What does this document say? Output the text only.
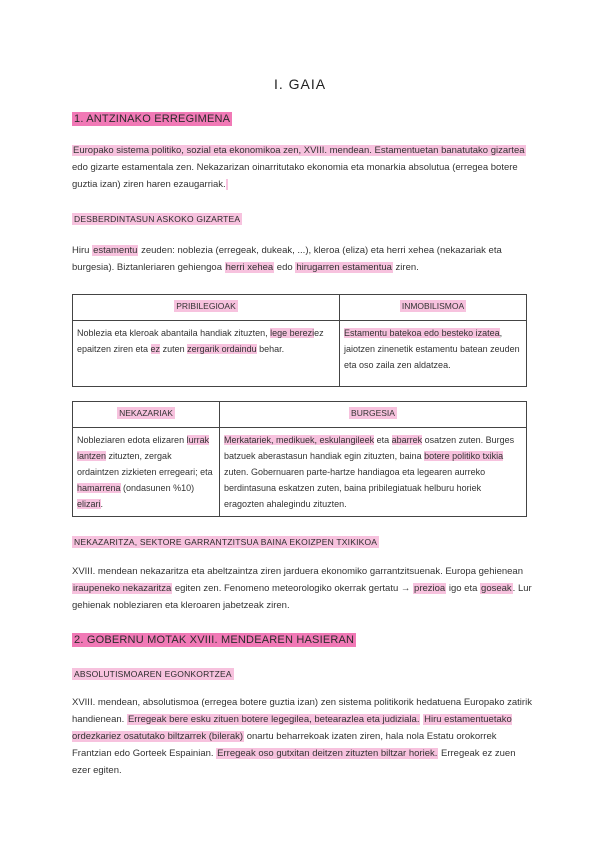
I. GAIA
1. ANTZINAKO ERREGIMENA
Europako sistema politiko, sozial eta ekonomikoa zen, XVIII. mendean. Estamentuetan banatutako gizartea edo gizarte estamentala zen. Nekazarizan oinarritutako ekonomia eta monarkia absolutua (erregea botere guztia izan) ziren haren ezaugarriak.
DESBERDINTASUN ASKOKO GIZARTEA
Hiru estamentu zeuden: noblezia (erregeak, dukeak, ...), kleroa (eliza) eta herri xehea (nekazariak eta burgesia). Biztanleriaren gehiengoa herri xehea edo hirugarren estamentua ziren.
PRIBILEGIOAK	INMOBILISMOA
Noblezia eta kleroak abantaila handiak zituzten, lege bereziez epaitzen ziren eta ez zuten zergarik ordaindu behar.	Estamentu batekoa edo besteko izatea, jaiotzen zinenetik estamentu batean zeuden eta oso zaila zen aldatzea.
NEKAZARIAK	BURGESIA
Nobleziaren edota elizaren lurrak lantzen zituzten, zergak ordaintzen zizkieten erregeari; eta hamarrena (ondasunen %10) elizari.	Merkatariek, medikuek, eskulangileek eta abarrek osatzen zuten. Burges batzuek aberastasun handiak egin zituzten, baina botere politiko txikia zuten. Gobernuaren parte-hartze handiagoa eta legearen aurreko berdintasuna eskatzen zuten, baina pribilegiatuak helburu horiek eragozten ahalegindu zituzten.
NEKAZARITZA, SEKTORE GARRANTZITSUA BAINA EKOIZPEN TXIKIKOA
XVIII. mendean nekazaritza eta abeltzaintza ziren jarduera ekonomiko garrantzitsuenak. Europa gehienean iraupeneko nekazaritza egiten zen. Fenomeno meteorologiko okerrak gertatu → prezioa igo eta goseak. Lur gehienak nobleziaren eta kleroaren jabetzeak ziren.
2. GOBERNU MOTAK XVIII. MENDEAREN HASIERAN
ABSOLUTISMOAREN EGONKORTZEA
XVIII. mendean, absolutismoa (erregea botere guztia izan) zen sistema politikorik hedatuena Europako zatirik handienean. Erregeak bere esku zituen botere legegilea, betearazlea eta judiziala. Hiru estamentuetako ordezkariez osatutako biltzarrek (bilerak) onartu beharrekoak izaten ziren, hala nola Estatu orokorrek Frantzian edo Gorteek Espainian. Erregeak oso gutxitan deitzen zituzten biltzar horiek. Erregeak ez zuen ezer egiten.
